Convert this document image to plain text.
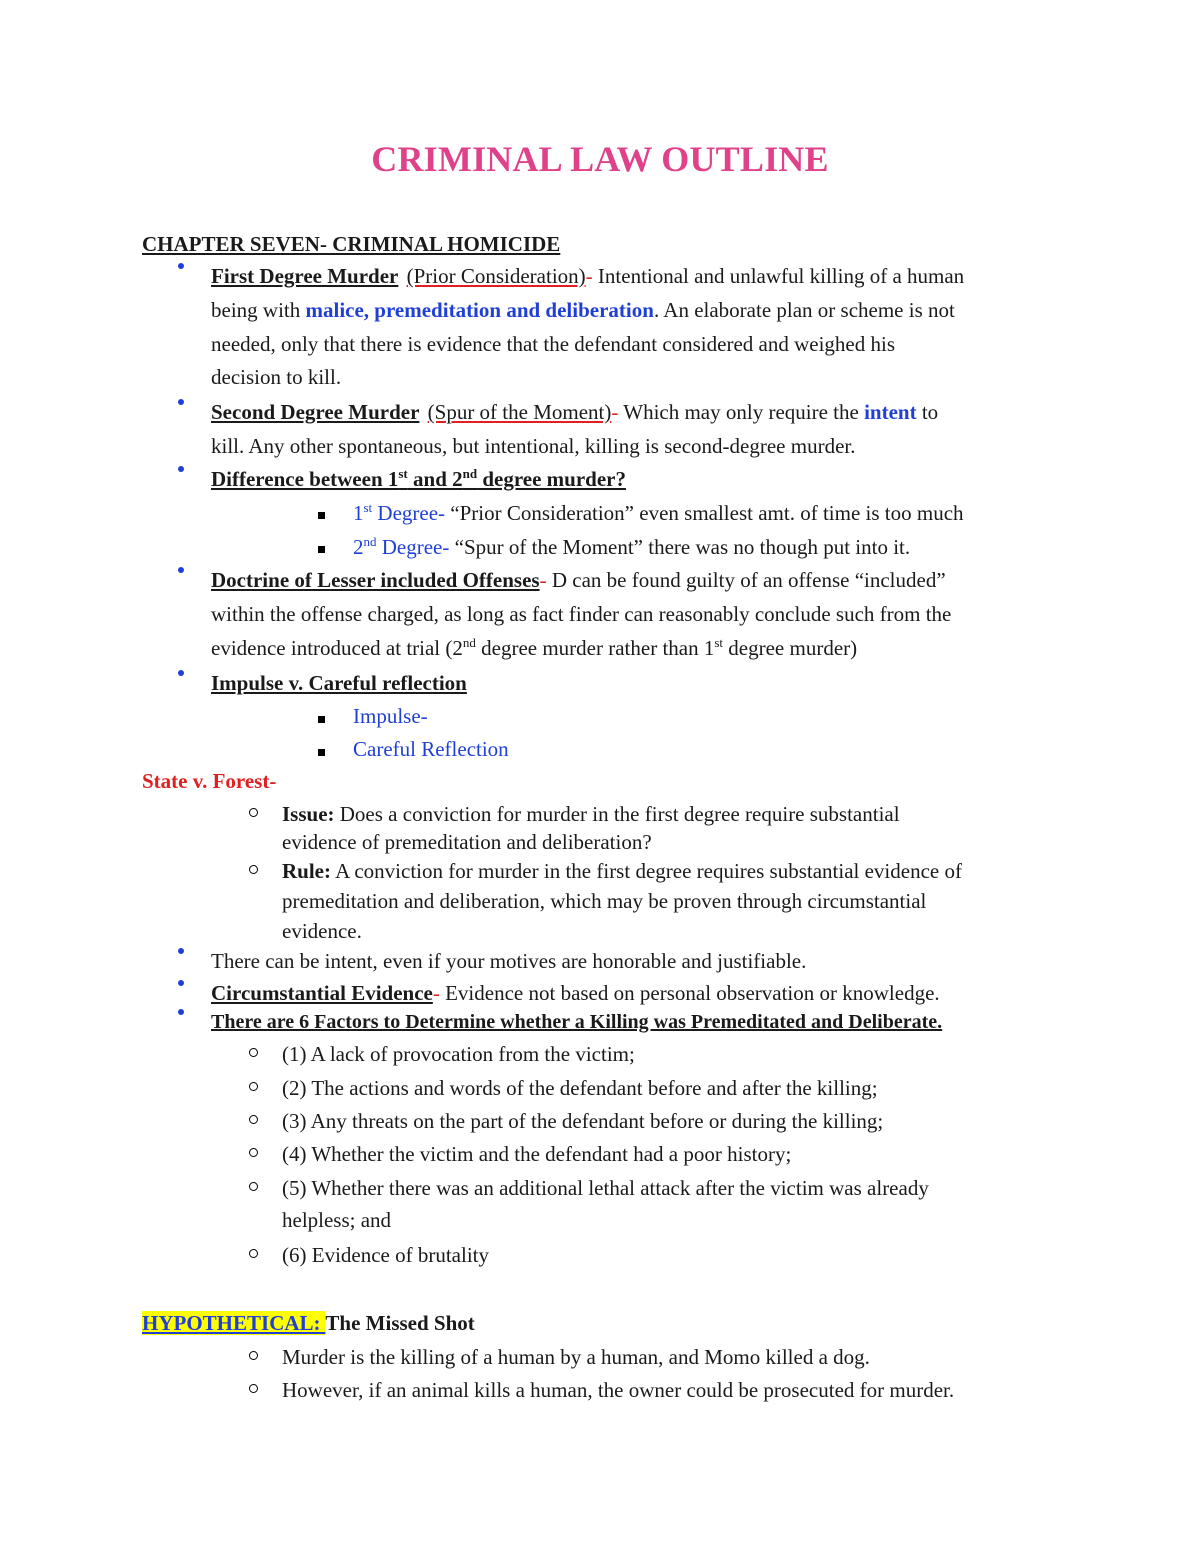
CRIMINAL LAW OUTLINE
CHAPTER SEVEN- CRIMINAL HOMICIDE
First Degree Murder (Prior Consideration)- Intentional and unlawful killing of a human
being with malice, premeditation and deliberation. An elaborate plan or scheme is not
needed, only that there is evidence that the defendant considered and weighed his
decision to kill.
Second Degree Murder (Spur of the Moment)- Which may only require the intent to
kill. Any other spontaneous, but intentional, killing is second-degree murder.
Difference between 1st and 2nd degree murder?
1st Degree- “Prior Consideration” even smallest amt. of time is too much
2nd Degree- “Spur of the Moment” there was no though put into it.
Doctrine of Lesser included Offenses- D can be found guilty of an offense “included”
within the offense charged, as long as fact finder can reasonably conclude such from the
evidence introduced at trial (2nd degree murder rather than 1st degree murder)
Impulse v. Careful reflection
Impulse-
Careful Reflection
State v. Forest-
Issue: Does a conviction for murder in the first degree require substantial
evidence of premeditation and deliberation?
Rule: A conviction for murder in the first degree requires substantial evidence of
premeditation and deliberation, which may be proven through circumstantial
evidence.
There can be intent, even if your motives are honorable and justifiable.
Circumstantial Evidence- Evidence not based on personal observation or knowledge.
There are 6 Factors to Determine whether a Killing was Premeditated and Deliberate.
(1) A lack of provocation from the victim;
(2) The actions and words of the defendant before and after the killing;
(3) Any threats on the part of the defendant before or during the killing;
(4) Whether the victim and the defendant had a poor history;
(5) Whether there was an additional lethal attack after the victim was already
helpless; and
(6) Evidence of brutality
HYPOTHETICAL: The Missed Shot
Murder is the killing of a human by a human, and Momo killed a dog.
However, if an animal kills a human, the owner could be prosecuted for murder.
